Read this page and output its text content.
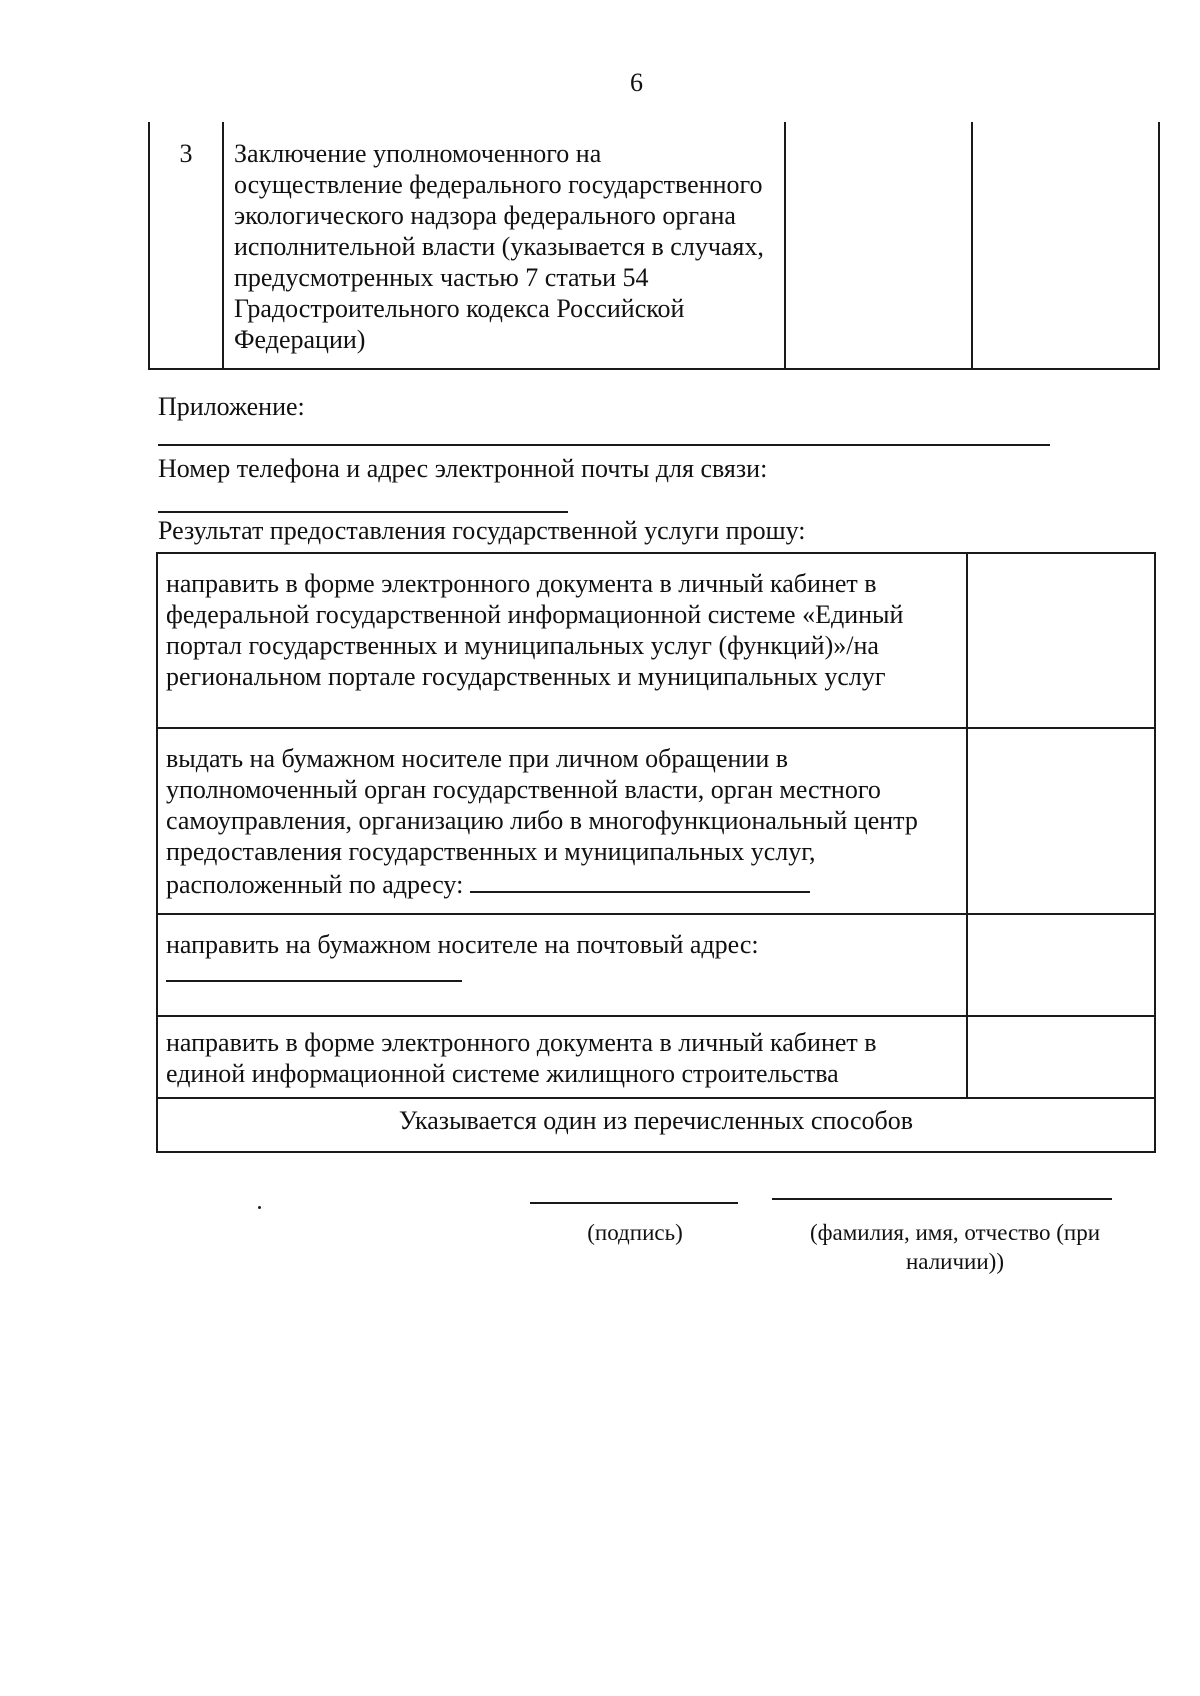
6
3	Заключение уполномоченного на осуществление федерального государственного экологического надзора федерального органа исполнительной власти (указывается в случаях, предусмотренных частью 7 статьи 54 Градостроительного кодекса Российской Федерации)		
Приложение:
Номер телефона и адрес электронной почты для связи:
Результат предоставления государственной услуги прошу:
направить в форме электронного документа в личный кабинет в федеральной государственной информационной системе «Единый портал государственных и муниципальных услуг (функций)»/на региональном портале государственных и муниципальных услуг	
выдать на бумажном носителе при личном обращении в уполномоченный орган государственной власти, орган местного самоуправления, организацию либо в многофункциональный центр предоставления государственных и муниципальных услуг, расположенный по адресу:	
направить на бумажном носителе на почтовый адрес:

направить в форме электронного документа в личный кабинет в единой информационной системе жилищного строительства	
Указывается один из перечисленных способов	
(подпись)	(фамилия, имя, отчество (при наличии))
